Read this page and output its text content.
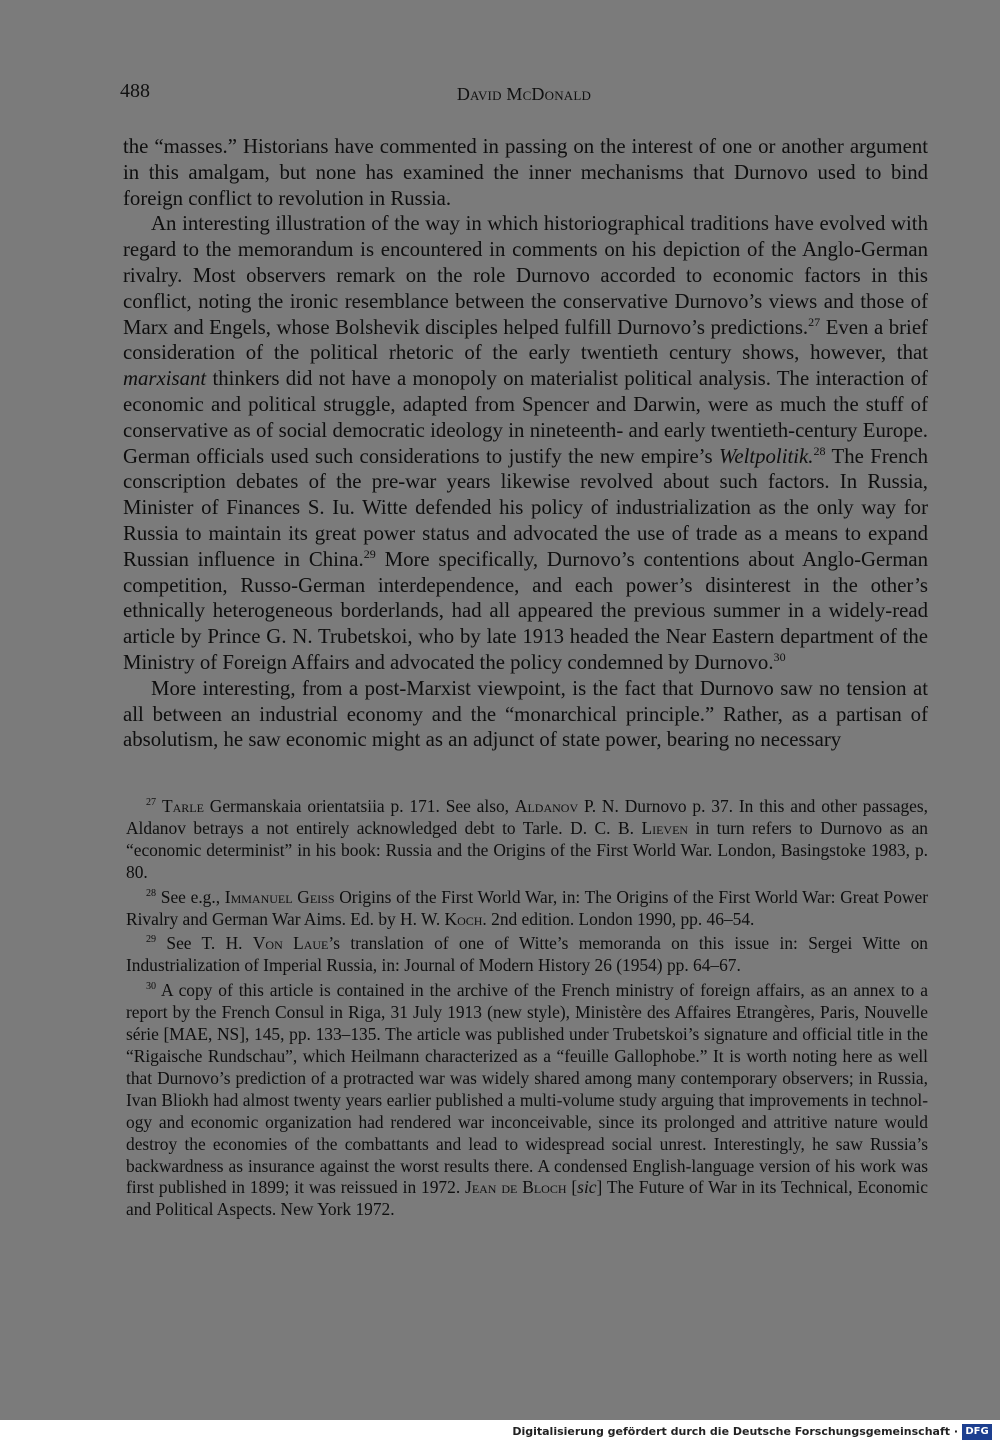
488	David McDonald

the “masses.” Historians have commented in passing on the interest of one or another argument in this amalgam, but none has examined the inner mechanisms that Durnovo used to bind foreign conflict to revolution in Russia.

An interesting illustration of the way in which historiographical traditions have evolved with regard to the memorandum is encountered in comments on his depiction of the Anglo-German rivalry. Most observers remark on the role Durnovo accorded to economic factors in this conflict, noting the ironic resemblance between the conservative Durnovo’s views and those of Marx and Engels, whose Bolshevik disciples helped fulfill Durnovo’s predictions.$^{27}$ Even a brief consideration of the political rhetoric of the early twentieth century shows, however, that marxisant thinkers did not have a monopoly on materialist political analysis. The interaction of economic and political struggle, adapted from Spencer and Darwin, were as much the stuff of conservative as of social democratic ideology in nineteenth- and early twentieth-century Europe. German officials used such considerations to justify the new empire’s Weltpolitik.$^{28}$ The French conscription debates of the pre-war years likewise revolved about such factors. In Russia, Minister of Finances S. Iu. Witte defended his policy of industrialization as the only way for Russia to maintain its great power status and advocated the use of trade as a means to expand Russian influence in China.$^{29}$ More specifically, Durnovo’s contentions about Anglo-German competition, Russo-German interdependence, and each power’s disinterest in the other’s ethnically heterogeneous borderlands, had all appeared the previous summer in a widely-read article by Prince G. N. Trubetskoi, who by late 1913 headed the Near Eastern department of the Ministry of Foreign Affairs and advocated the policy condemned by Durnovo.$^{30}$

More interesting, from a post-Marxist viewpoint, is the fact that Durnovo saw no tension at all between an industrial economy and the “monarchical principle.” Rather, as a partisan of absolutism, he saw economic might as an adjunct of state power, bearing no necessary

$^{27}$ Tarle Germanskaia orientatsiia p. 171. See also, Aldanov P. N. Durnovo p. 37. In this and other passages, Aldanov betrays a not entirely acknowledged debt to Tarle. D. C. B. Lieven in turn refers to Durnovo as an “economic determinist” in his book: Russia and the Origins of the First World War. London, Basingstoke 1983, p. 80.

$^{28}$ See e.g., Immanuel Geiss Origins of the First World War, in: The Origins of the First World War: Great Power Rivalry and German War Aims. Ed. by H. W. Koch. 2nd edition. London 1990, pp. 46–54.

$^{29}$ See T. H. Von Laue’s translation of one of Witte’s memoranda on this issue in: Sergei Witte on Industrialization of Imperial Russia, in: Journal of Modern History 26 (1954) pp. 64–67.

$^{30}$ A copy of this article is contained in the archive of the French ministry of foreign affairs, as an annex to a report by the French Consul in Riga, 31 July 1913 (new style), Ministère des Affaires Etrangères, Paris, Nouvelle série [MAE, NS], 145, pp. 133–135. The article was published under Trubetskoi’s signature and official title in the “Rigaische Rundschau”, which Heilmann characterized as a “feuille Gallophobe.” It is worth noting here as well that Durnovo’s prediction of a protracted war was widely shared among many contemporary observers; in Russia, Ivan Bliokh had almost twenty years earlier published a multi-volume study arguing that improvements in technology and economic organization had rendered war inconceivable, since its prolonged and attritive nature would destroy the economies of the combattants and lead to widespread social unrest. Interestingly, he saw Russia’s backwardness as insurance against the worst results there. A condensed English-language version of his work was first published in 1899; it was reissued in 1972. Jean de Bloch [sic] The Future of War in its Technical, Economic and Political Aspects. New York 1972.

Digitalisierung gefördert durch die Deutsche Forschungsgemeinschaft · DFG
